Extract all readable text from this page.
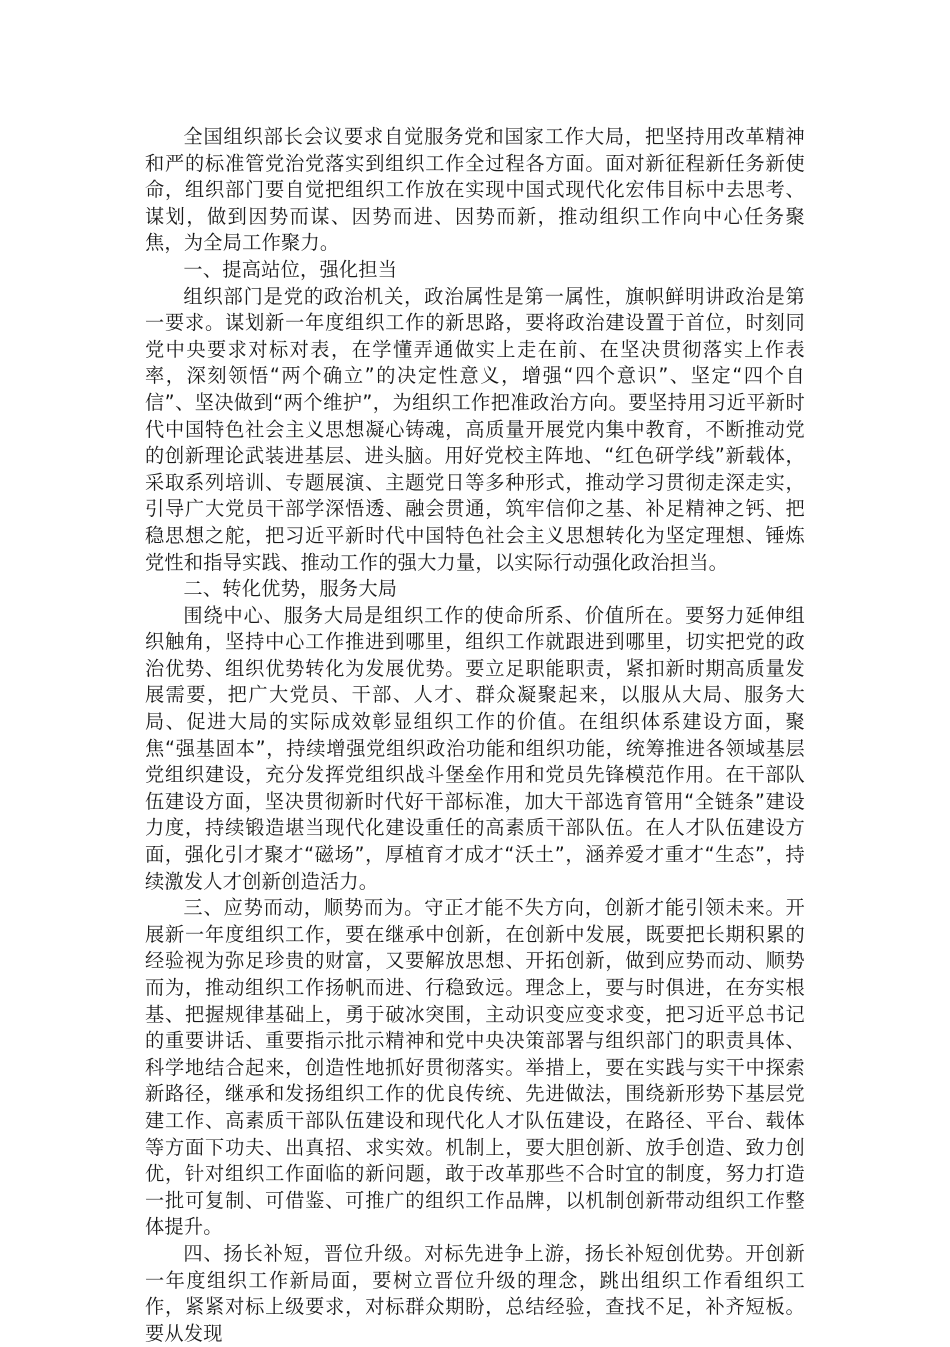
全国组织部长会议要求自觉服务党和国家工作大局，把坚持用改革精神和严的标准管党治党落实到组织工作全过程各方面。面对新征程新任务新使命，组织部门要自觉把组织工作放在实现中国式现代化宏伟目标中去思考、谋划，做到因势而谋、因势而进、因势而新，推动组织工作向中心任务聚焦，为全局工作聚力。

一、提高站位，强化担当

组织部门是党的政治机关，政治属性是第一属性，旗帜鲜明讲政治是第一要求。谋划新一年度组织工作的新思路，要将政治建设置于首位，时刻同党中央要求对标对表，在学懂弄通做实上走在前、在坚决贯彻落实上作表率，深刻领悟“两个确立”的决定性意义，增强“四个意识”、坚定“四个自信”、坚决做到“两个维护”，为组织工作把准政治方向。要坚持用习近平新时代中国特色社会主义思想凝心铸魂，高质量开展党内集中教育，不断推动党的创新理论武装进基层、进头脑。用好党校主阵地、“红色研学线”新载体，采取系列培训、专题展演、主题党日等多种形式，推动学习贯彻走深走实，引导广大党员干部学深悟透、融会贯通，筑牢信仰之基、补足精神之钙、把稳思想之舵，把习近平新时代中国特色社会主义思想转化为坚定理想、锤炼党性和指导实践、推动工作的强大力量，以实际行动强化政治担当。

二、转化优势，服务大局

围绕中心、服务大局是组织工作的使命所系、价值所在。要努力延伸组织触角，坚持中心工作推进到哪里，组织工作就跟进到哪里，切实把党的政治优势、组织优势转化为发展优势。要立足职能职责，紧扣新时期高质量发展需要，把广大党员、干部、人才、群众凝聚起来，以服从大局、服务大局、促进大局的实际成效彰显组织工作的价值。在组织体系建设方面，聚焦“强基固本”，持续增强党组织政治功能和组织功能，统筹推进各领域基层党组织建设，充分发挥党组织战斗堡垒作用和党员先锋模范作用。在干部队伍建设方面，坚决贯彻新时代好干部标准，加大干部选育管用“全链条”建设力度，持续锻造堪当现代化建设重任的高素质干部队伍。在人才队伍建设方面，强化引才聚才“磁场”，厚植育才成才“沃土”，涵养爱才重才“生态”，持续激发人才创新创造活力。

三、应势而动，顺势而为。守正才能不失方向，创新才能引领未来。开展新一年度组织工作，要在继承中创新，在创新中发展，既要把长期积累的经验视为弥足珍贵的财富，又要解放思想、开拓创新，做到应势而动、顺势而为，推动组织工作扬帆而进、行稳致远。理念上，要与时俱进，在夯实根基、把握规律基础上，勇于破冰突围，主动识变应变求变，把习近平总书记的重要讲话、重要指示批示精神和党中央决策部署与组织部门的职责具体、科学地结合起来，创造性地抓好贯彻落实。举措上，要在实践与实干中探索新路径，继承和发扬组织工作的优良传统、先进做法，围绕新形势下基层党建工作、高素质干部队伍建设和现代化人才队伍建设，在路径、平台、载体等方面下功夫、出真招、求实效。机制上，要大胆创新、放手创造、致力创优，针对组织工作面临的新问题，敢于改革那些不合时宜的制度，努力打造一批可复制、可借鉴、可推广的组织工作品牌，以机制创新带动组织工作整体提升。

四、扬长补短，晋位升级。对标先进争上游，扬长补短创优势。开创新一年度组织工作新局面，要树立晋位升级的理念，跳出组织工作看组织工作，紧紧对标上级要求，对标群众期盼，总结经验，查找不足，补齐短板。要从发现
